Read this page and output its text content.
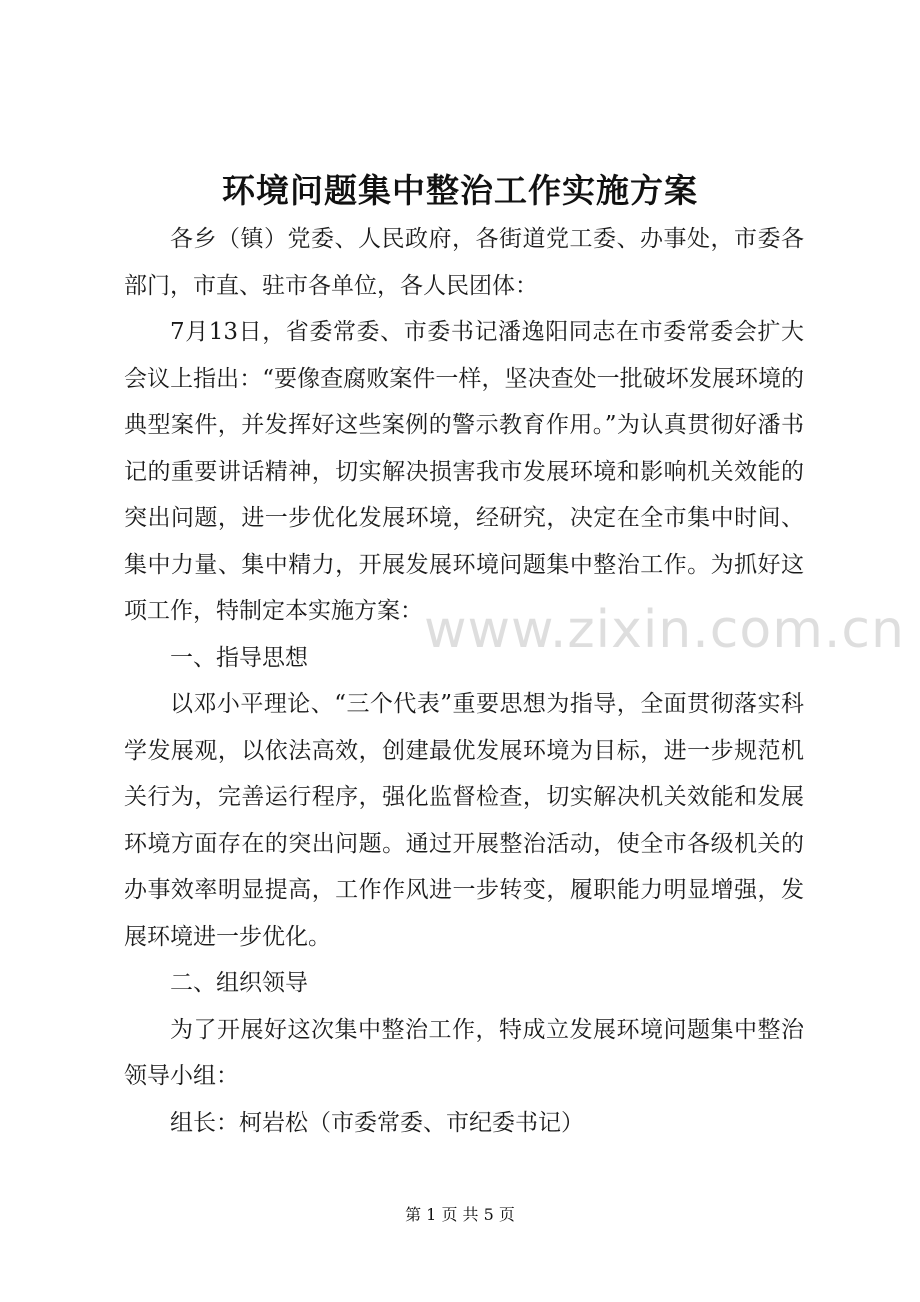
环境问题集中整治工作实施方案

各乡（镇）党委、人民政府，各街道党工委、办事处，市委各部门，市直、驻市各单位，各人民团体：

7月13日，省委常委、市委书记潘逸阳同志在市委常委会扩大会议上指出：“要像查腐败案件一样，坚决查处一批破坏发展环境的典型案件，并发挥好这些案例的警示教育作用。”为认真贯彻好潘书记的重要讲话精神，切实解决损害我市发展环境和影响机关效能的突出问题，进一步优化发展环境，经研究，决定在全市集中时间、集中力量、集中精力，开展发展环境问题集中整治工作。为抓好这项工作，特制定本实施方案：

一、指导思想

以邓小平理论、“三个代表”重要思想为指导，全面贯彻落实科学发展观，以依法高效，创建最优发展环境为目标，进一步规范机关行为，完善运行程序，强化监督检查，切实解决机关效能和发展环境方面存在的突出问题。通过开展整治活动，使全市各级机关的办事效率明显提高，工作作风进一步转变，履职能力明显增强，发展环境进一步优化。

二、组织领导

为了开展好这次集中整治工作，特成立发展环境问题集中整治领导小组：

组长：柯岩松（市委常委、市纪委书记）

www.zixin.com.cn
第 1 页 共 5 页
